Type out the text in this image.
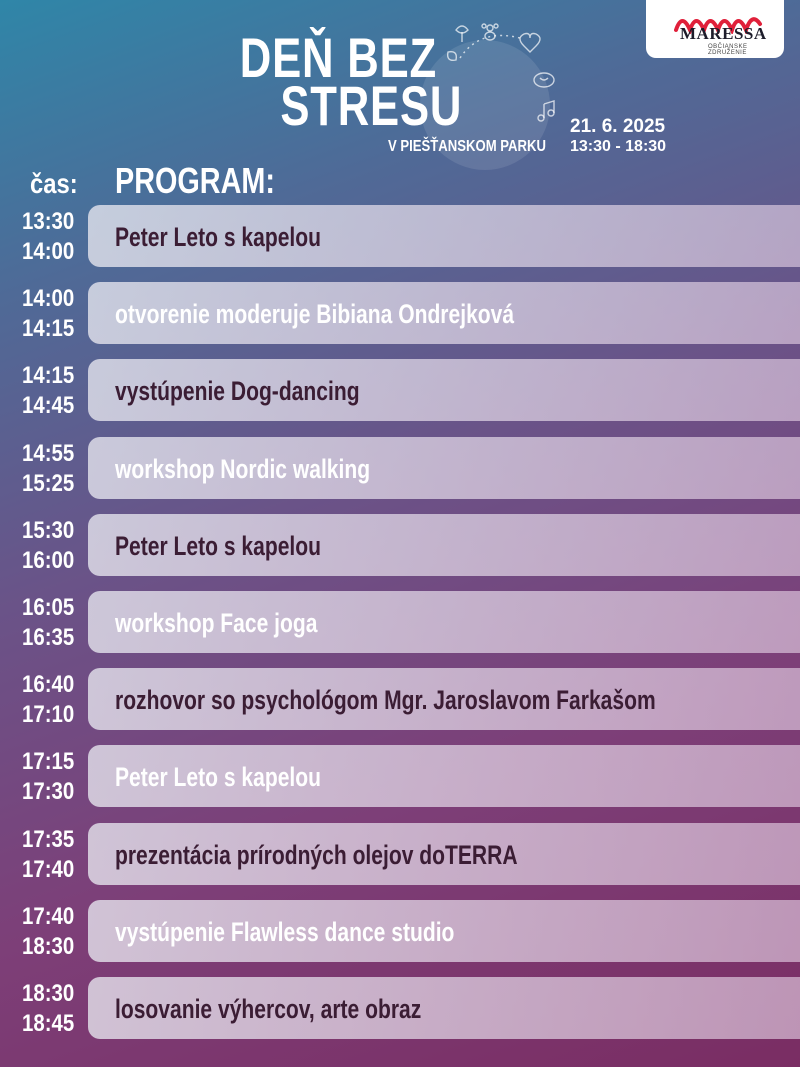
DEŇ BEZ
STRESU
V PIEŠŤANSKOM PARKU
21. 6. 2025
13:30 - 18:30
MARESSA
OBČIANSKE ZDRUŽENIE
čas: PROGRAM:
13:30
14:00 Peter Leto s kapelou
14:00
14:15 otvorenie moderuje Bibiana Ondrejková
14:15
14:45 vystúpenie Dog-dancing
14:55
15:25 workshop Nordic walking
15:30
16:00 Peter Leto s kapelou
16:05
16:35 workshop Face joga
16:40
17:10 rozhovor so psychológom Mgr. Jaroslavom Farkašom
17:15
17:30 Peter Leto s kapelou
17:35
17:40 prezentácia prírodných olejov doTERRA
17:40
18:30 vystúpenie Flawless dance studio
18:30
18:45 losovanie výhercov, arte obraz
